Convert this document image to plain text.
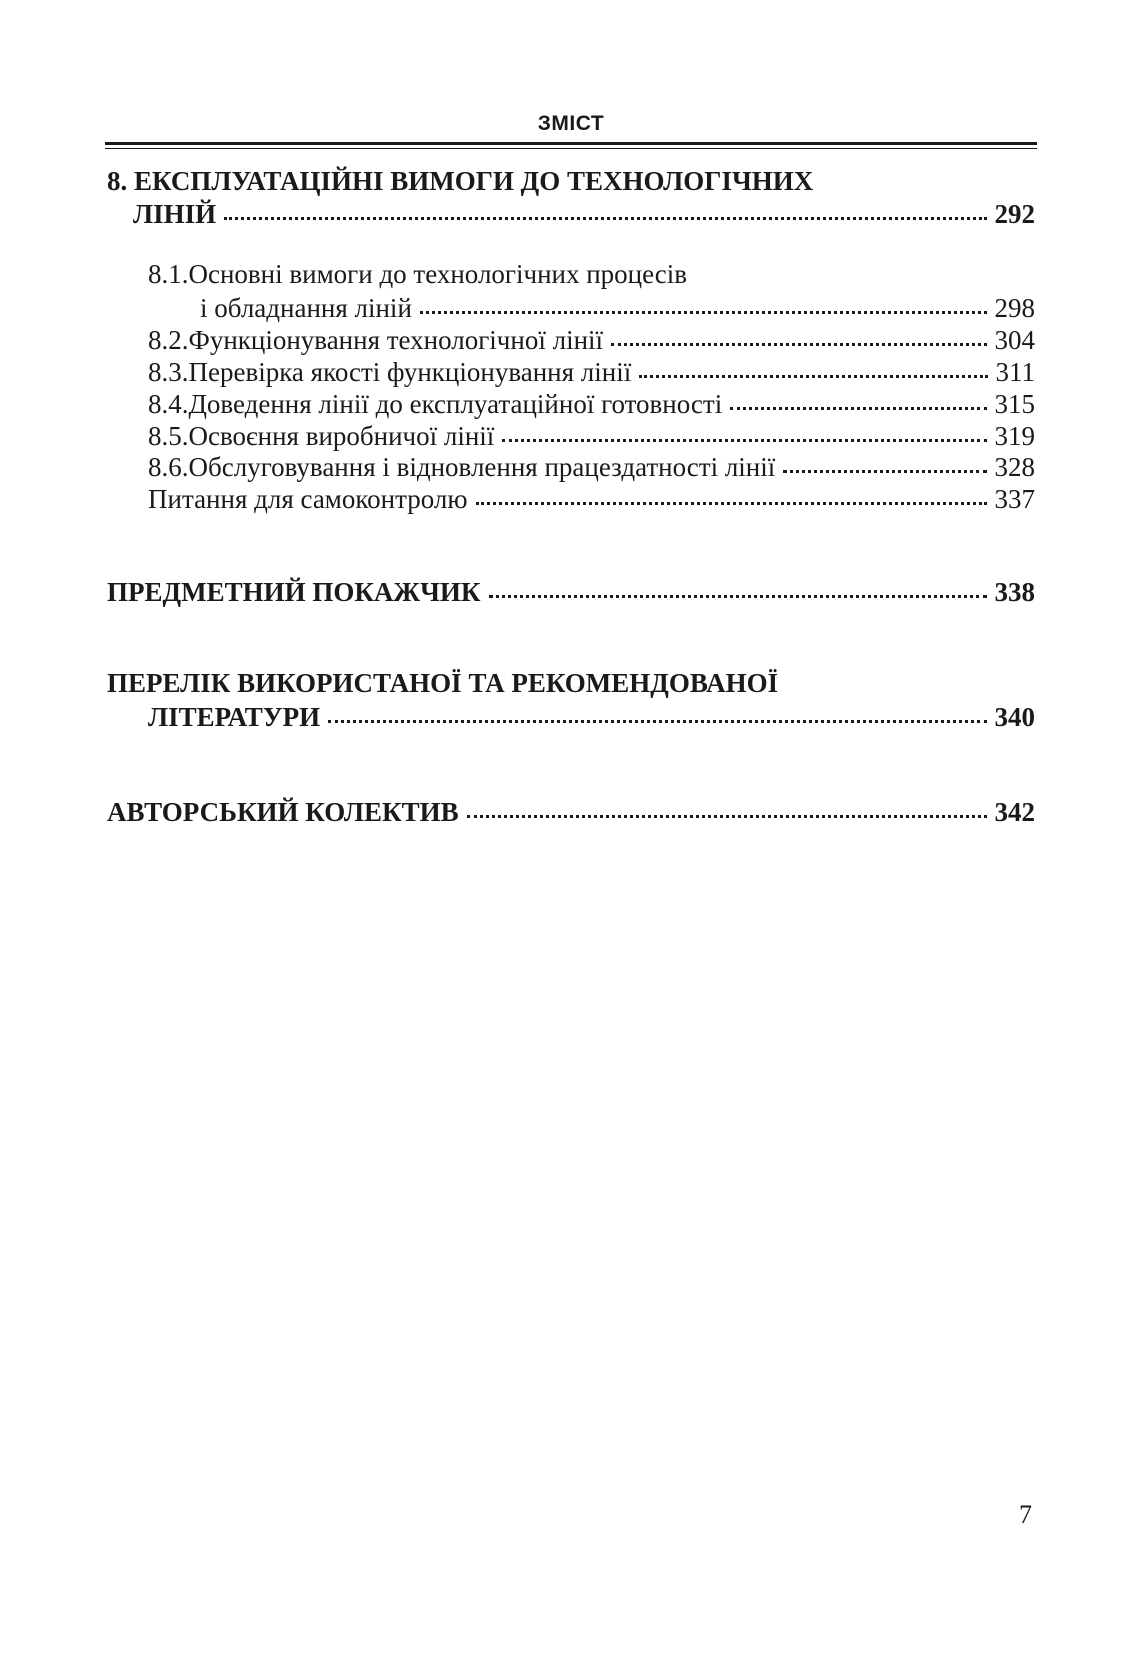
ЗМІСТ
8. ЕКСПЛУАТАЦІЙНІ ВИМОГИ ДО ТЕХНОЛОГІЧНИХ
ЛІНІЙ	292
8.1. Основні вимоги до технологічних процесів
і обладнання ліній	298
8.2. Функціонування технологічної лінії	304
8.3. Перевірка якості функціонування лінії	311
8.4. Доведення лінії до експлуатаційної готовності	315
8.5. Освоєння виробничої лінії	319
8.6. Обслуговування і відновлення працездатності лінії	328
Питання для самоконтролю	337
ПРЕДМЕТНИЙ ПОКАЖЧИК	338
ПЕРЕЛІК ВИКОРИСТАНОЇ ТА РЕКОМЕНДОВАНОЇ
ЛІТЕРАТУРИ	340
АВТОРСЬКИЙ КОЛЕКТИВ	342
7
